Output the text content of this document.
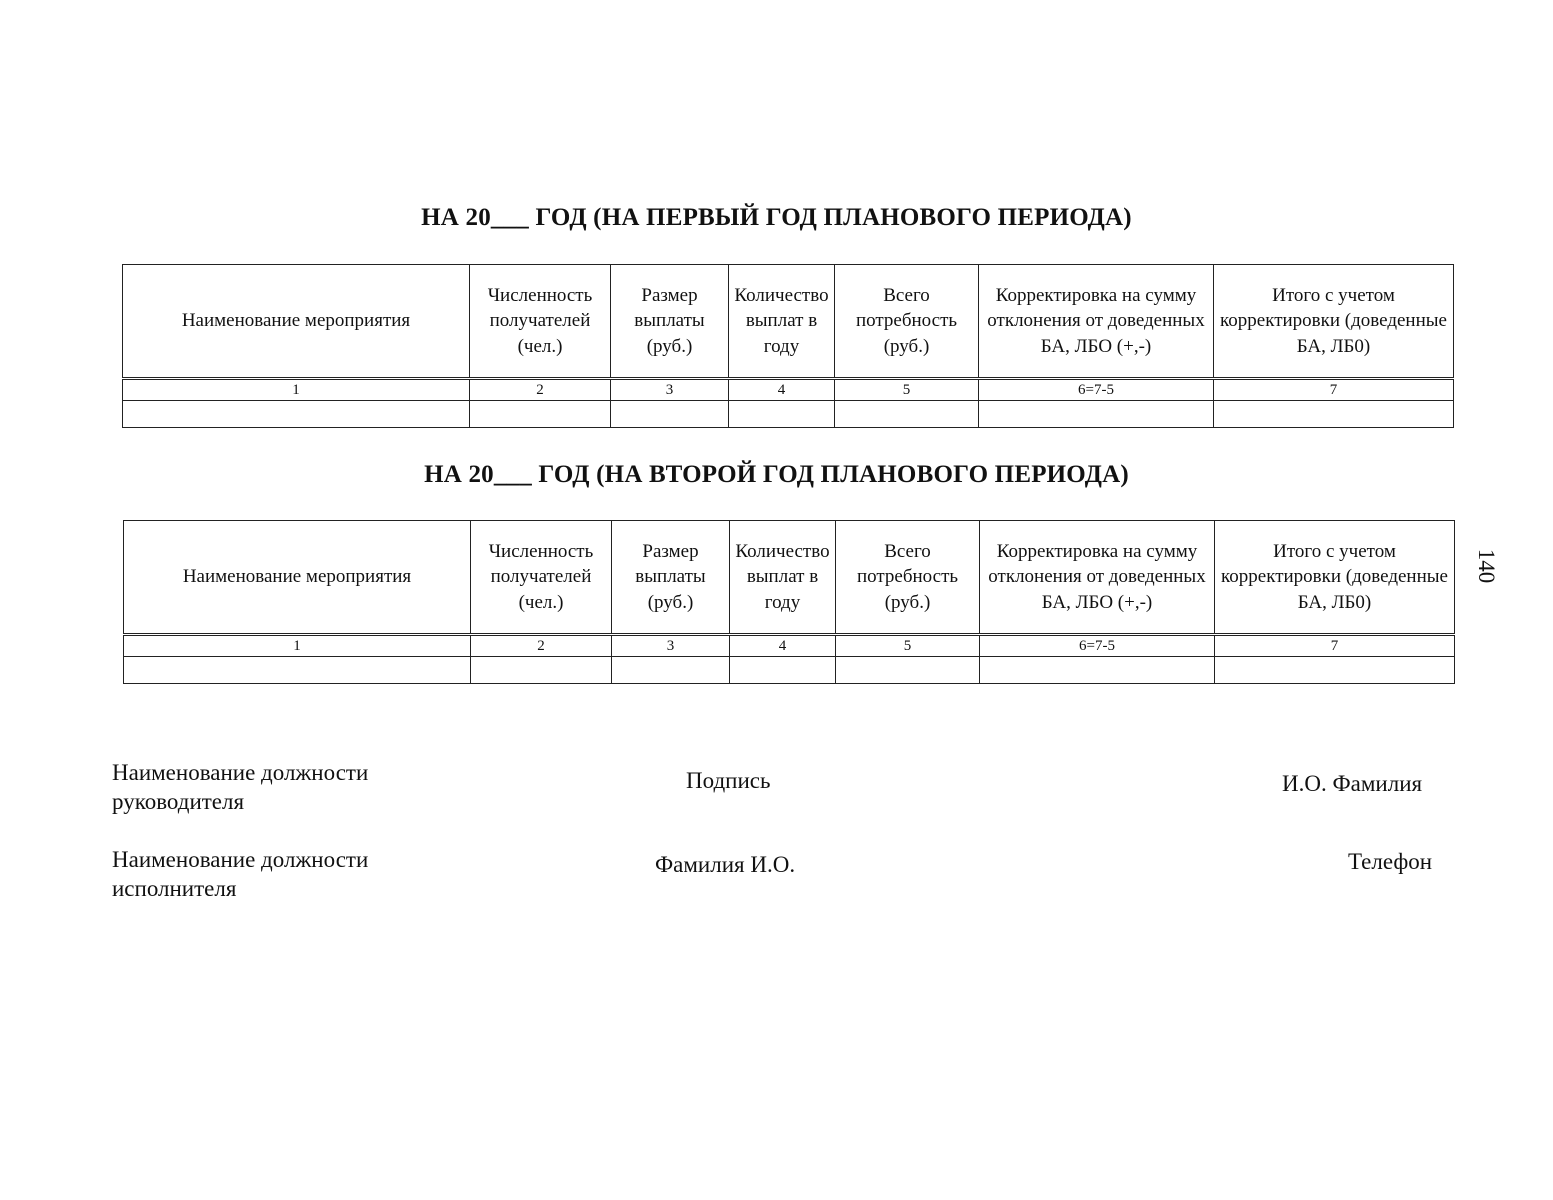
НА 20___ ГОД (НА ПЕРВЫЙ ГОД ПЛАНОВОГО ПЕРИОДА)
Наименование мероприятия	Численность получателей (чел.)	Размер выплаты (руб.)	Количество выплат в году	Всего потребность (руб.)	Корректировка на сумму отклонения от доведенных БА, ЛБО (+,-)	Итого с учетом корректировки (доведенные БА, ЛБ0)
1	2	3	4	5	6=7-5	7

НА 20___ ГОД (НА ВТОРОЙ ГОД ПЛАНОВОГО ПЕРИОДА)
Наименование мероприятия	Численность получателей (чел.)	Размер выплаты (руб.)	Количество выплат в году	Всего потребность (руб.)	Корректировка на сумму отклонения от доведенных БА, ЛБО (+,-)	Итого с учетом корректировки (доведенные БА, ЛБ0)
1	2	3	4	5	6=7-5	7

140
Наименование должности руководителя
Подпись	И.О. Фамилия
Наименование должности исполнителя
Фамилия И.О.	Телефон
